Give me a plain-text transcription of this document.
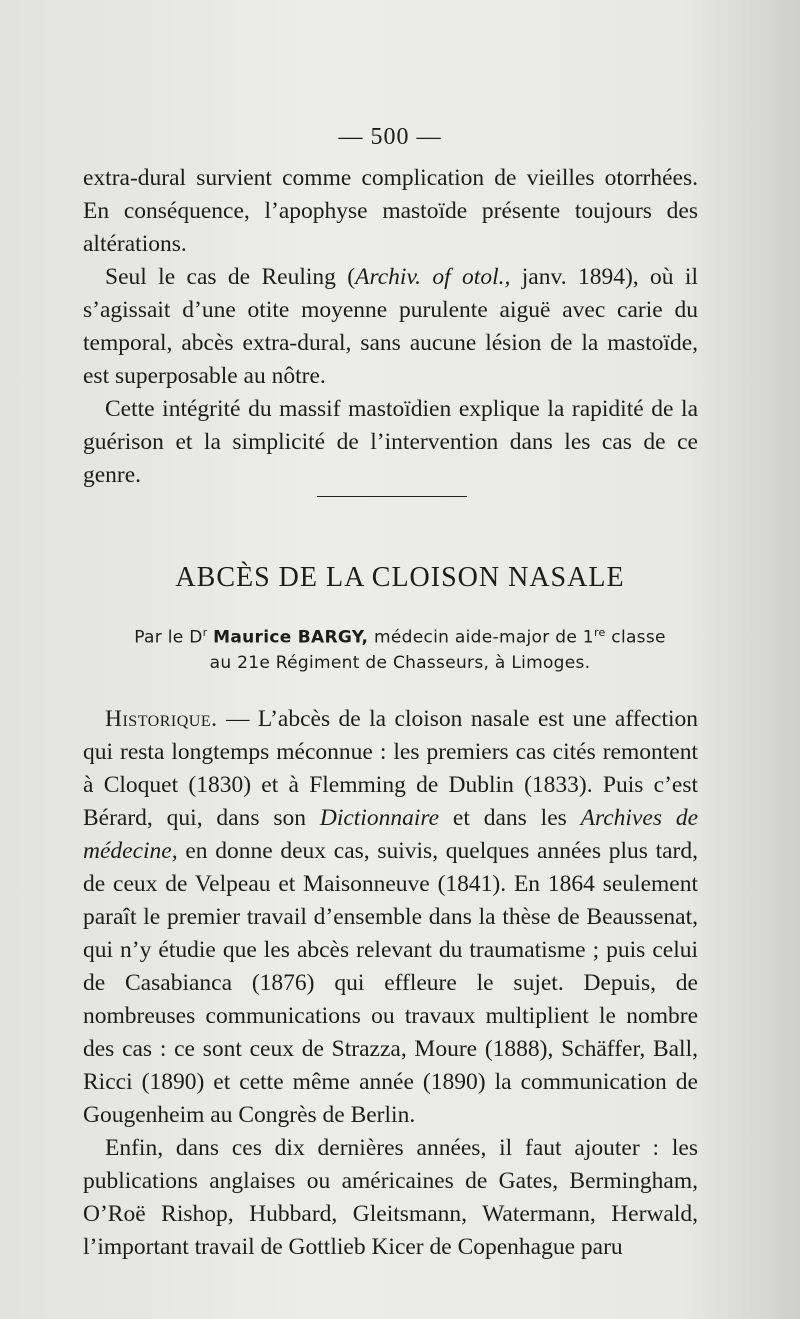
— 500 —

extra-dural survient comme complication de vieilles otorrhées. En conséquence, l’apophyse mastoïde présente toujours des altérations.

Seul le cas de Reuling (Archiv. of otol., janv. 1894), où il s’agissait d’une otite moyenne purulente aiguë avec carie du temporal, abcès extra-dural, sans aucune lésion de la mastoïde, est superposable au nôtre.

Cette intégrité du massif mastoïdien explique la rapidité de la guérison et la simplicité de l’intervention dans les cas de ce genre.

ABCÈS DE LA CLOISON NASALE
Par le $D^r$ Maurice BARGY, médecin aide-major de 1re classe
au 21e Régiment de Chasseurs, à Limoges.

Historique. — L’abcès de la cloison nasale est une affection qui resta longtemps méconnue : les premiers cas cités remontent à Cloquet (1830) et à Flemming de Dublin (1833). Puis c’est Bérard, qui, dans son Dictionnaire et dans les Archives de médecine, en donne deux cas, suivis, quelques années plus tard, de ceux de Velpeau et Maisonneuve (1841). En 1864 seulement paraît le premier travail d’ensemble dans la thèse de Beaussenat, qui n’y étudie que les abcès relevant du traumatisme ; puis celui de Casabianca (1876) qui effleure le sujet. Depuis, de nombreuses communications ou travaux multiplient le nombre des cas : ce sont ceux de Strazza, Moure (1888), Schäffer, Ball, Ricci (1890) et cette même année (1890) la communication de Gougenheim au Congrès de Berlin.

Enfin, dans ces dix dernières années, il faut ajouter : les publications anglaises ou américaines de Gates, Bermingham, O’Roë Rishop, Hubbard, Gleitsmann, Watermann, Herwald, l’important travail de Gottlieb Kicer de Copenhague paru
